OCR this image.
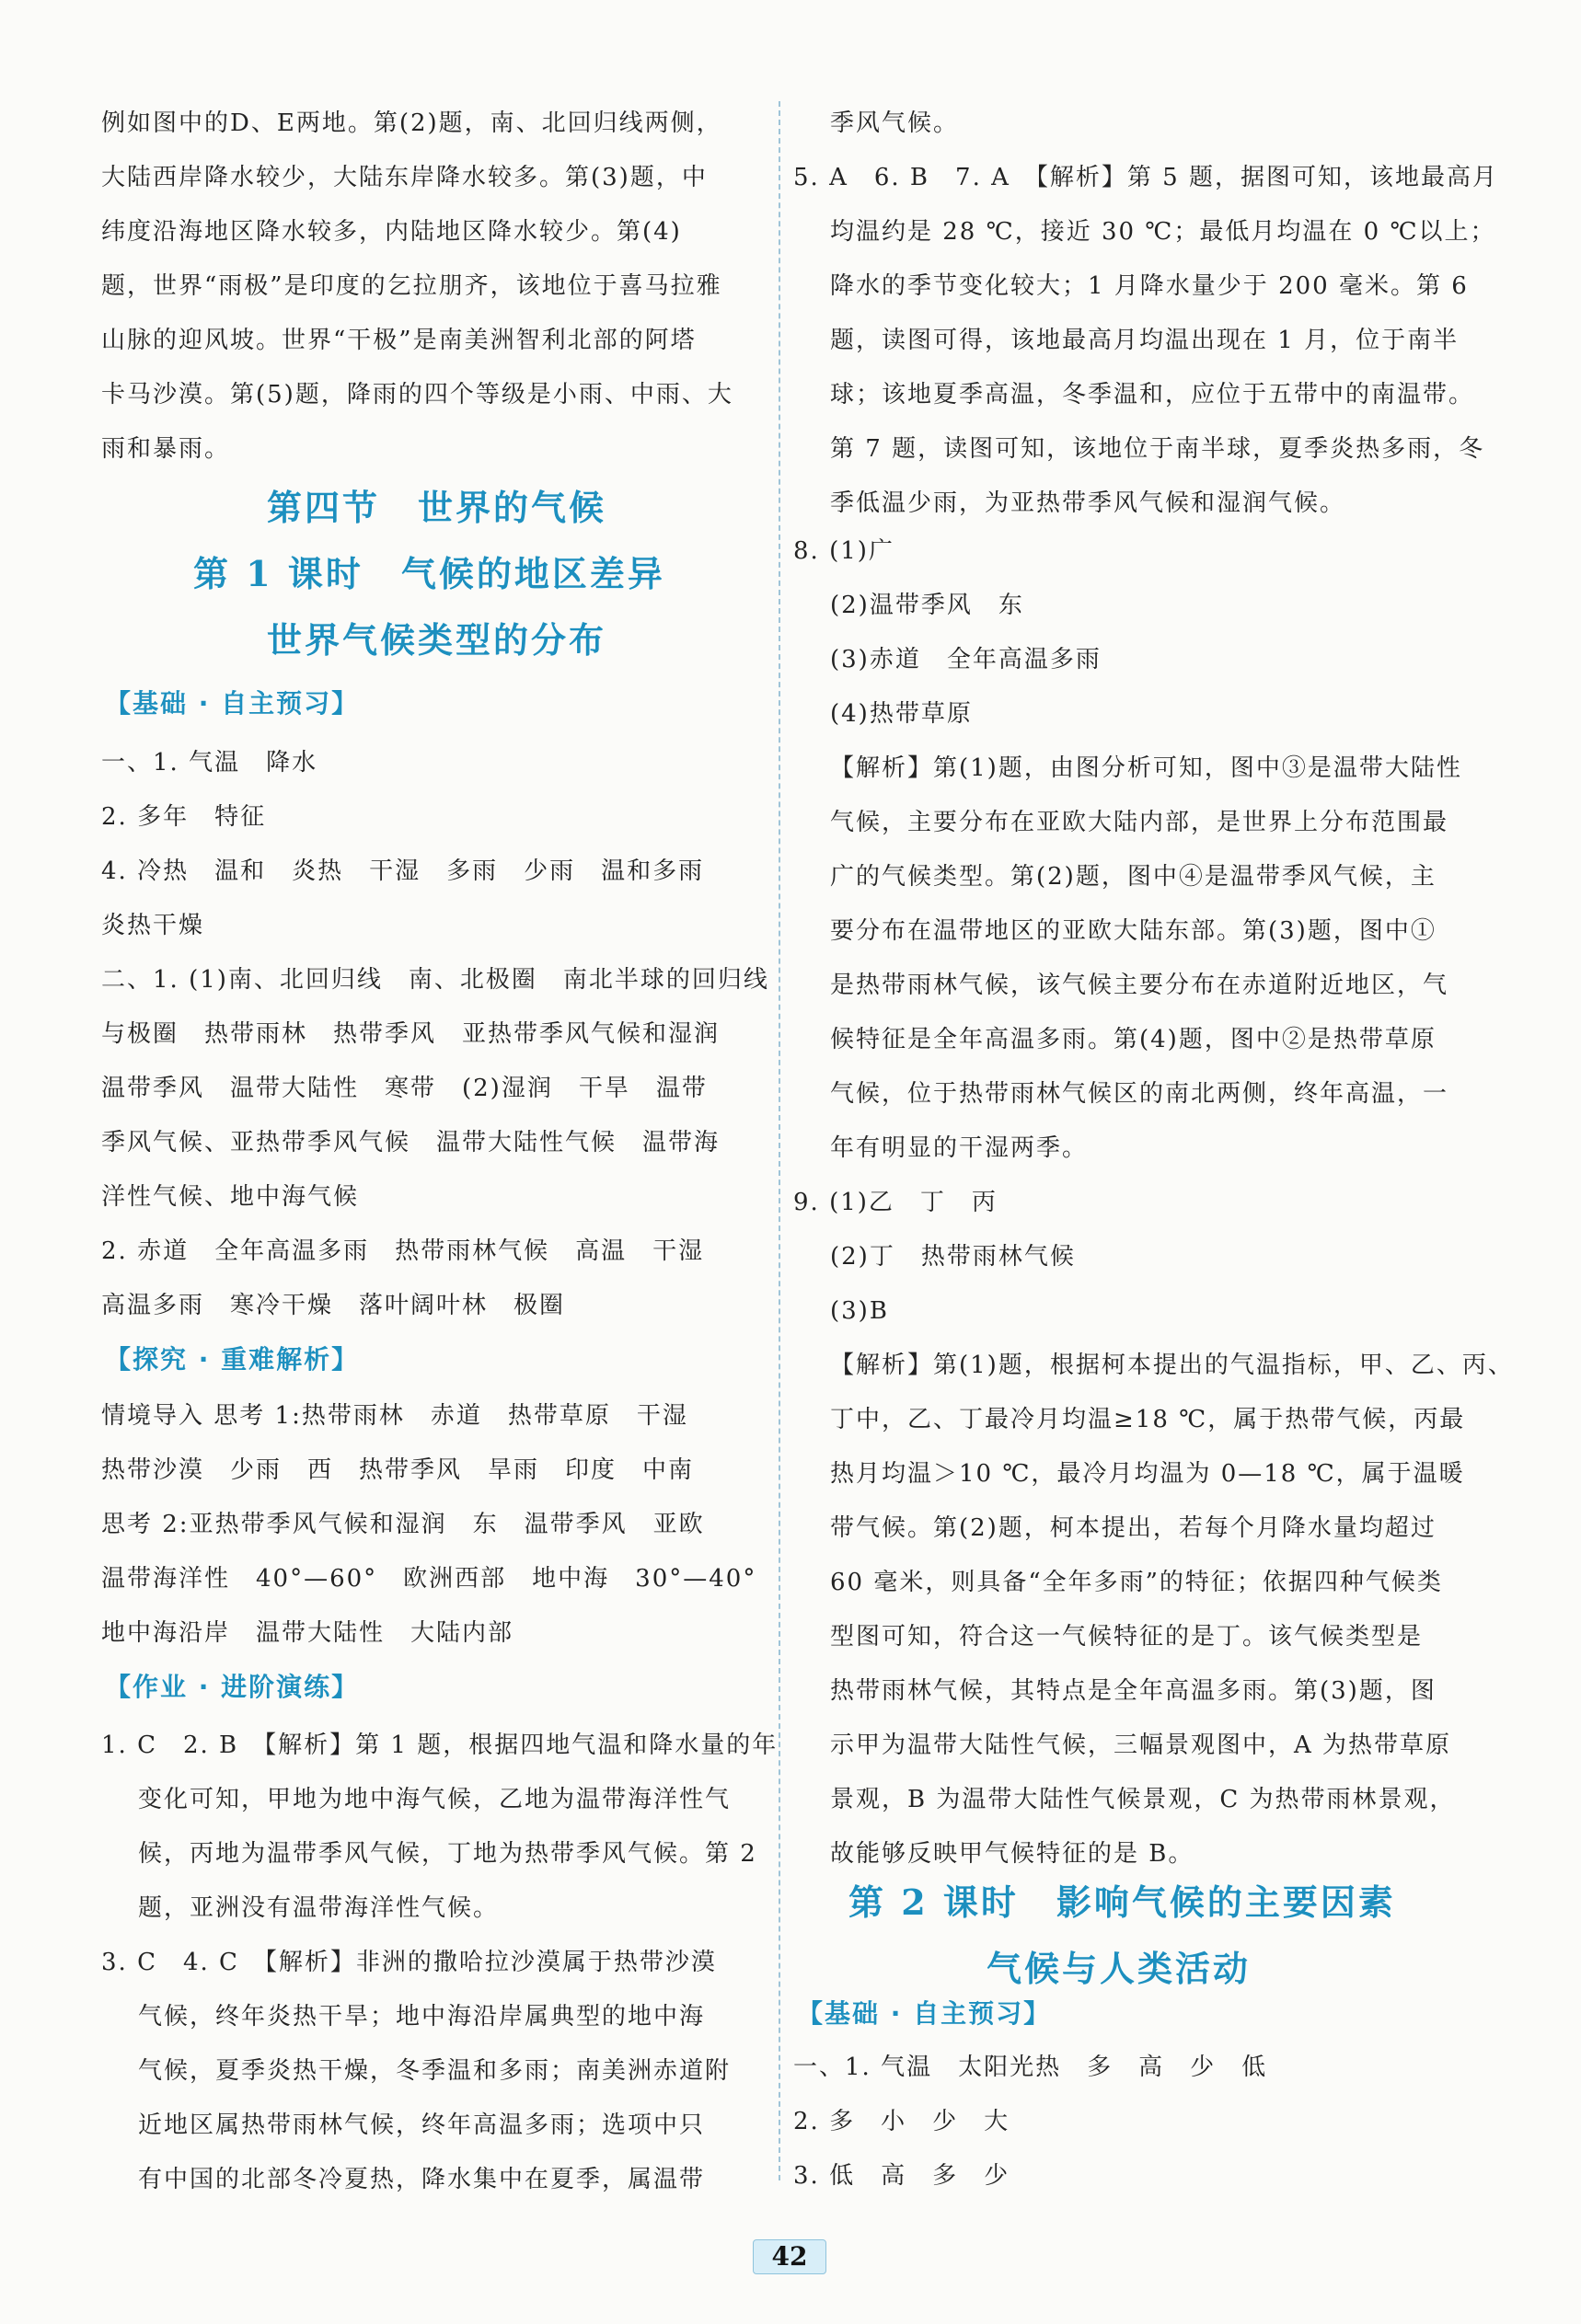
例如图中的D、E两地。第(2)题，南、北回归线两侧，
大陆西岸降水较少，大陆东岸降水较多。第(3)题，中
纬度沿海地区降水较多，内陆地区降水较少。第(4)
题，世界“雨极”是印度的乞拉朋齐，该地位于喜马拉雅
山脉的迎风坡。世界“干极”是南美洲智利北部的阿塔
卡马沙漠。第(5)题，降雨的四个等级是小雨、中雨、大
雨和暴雨。
第四节　世界的气候
第 1 课时　气候的地区差异
世界气候类型的分布
【基础 · 自主预习】
一、1. 气温　降水
2. 多年　特征
4. 冷热　温和　炎热　干湿　多雨　少雨　温和多雨
炎热干燥
二、1. (1)南、北回归线　南、北极圈　南北半球的回归线
与极圈　热带雨林　热带季风　亚热带季风气候和湿润
温带季风　温带大陆性　寒带　(2)湿润　干旱　温带
季风气候、亚热带季风气候　温带大陆性气候　温带海
洋性气候、地中海气候
2. 赤道　全年高温多雨　热带雨林气候　高温　干湿
高温多雨　寒冷干燥　落叶阔叶林　极圈
【探究 · 重难解析】
情境导入 思考 1:热带雨林　赤道　热带草原　干湿
热带沙漠　少雨　西　热带季风　旱雨　印度　中南
思考 2:亚热带季风气候和湿润　东　温带季风　亚欧
温带海洋性　40°—60°　欧洲西部　地中海　30°—40°
地中海沿岸　温带大陆性　大陆内部
【作业 · 进阶演练】
1. C　2. B　【解析】第 1 题，根据四地气温和降水量的年
变化可知，甲地为地中海气候，乙地为温带海洋性气
候，丙地为温带季风气候，丁地为热带季风气候。第 2
题，亚洲没有温带海洋性气候。
3. C　4. C　【解析】非洲的撒哈拉沙漠属于热带沙漠
气候，终年炎热干旱；地中海沿岸属典型的地中海
气候，夏季炎热干燥，冬季温和多雨；南美洲赤道附
近地区属热带雨林气候，终年高温多雨；选项中只
有中国的北部冬冷夏热，降水集中在夏季，属温带
季风气候。
5. A　6. B　7. A　【解析】第 5 题，据图可知，该地最高月
均温约是 28 ℃，接近 30 ℃；最低月均温在 0 ℃以上；
降水的季节变化较大；1 月降水量少于 200 毫米。第 6
题，读图可得，该地最高月均温出现在 1 月，位于南半
球；该地夏季高温，冬季温和，应位于五带中的南温带。
第 7 题，读图可知，该地位于南半球，夏季炎热多雨，冬
季低温少雨，为亚热带季风气候和湿润气候。
8. (1)广
(2)温带季风　东
(3)赤道　全年高温多雨
(4)热带草原
【解析】第(1)题，由图分析可知，图中③是温带大陆性
气候，主要分布在亚欧大陆内部，是世界上分布范围最
广的气候类型。第(2)题，图中④是温带季风气候，主
要分布在温带地区的亚欧大陆东部。第(3)题，图中①
是热带雨林气候，该气候主要分布在赤道附近地区，气
候特征是全年高温多雨。第(4)题，图中②是热带草原
气候，位于热带雨林气候区的南北两侧，终年高温，一
年有明显的干湿两季。
9. (1)乙　丁　丙
(2)丁　热带雨林气候
(3)B
【解析】第(1)题，根据柯本提出的气温指标，甲、乙、丙、
丁中，乙、丁最冷月均温≥18 ℃，属于热带气候，丙最
热月均温＞10 ℃，最冷月均温为 0—18 ℃，属于温暖
带气候。第(2)题，柯本提出，若每个月降水量均超过
60 毫米，则具备“全年多雨”的特征；依据四种气候类
型图可知，符合这一气候特征的是丁。该气候类型是
热带雨林气候，其特点是全年高温多雨。第(3)题，图
示甲为温带大陆性气候，三幅景观图中，A 为热带草原
景观，B 为温带大陆性气候景观，C 为热带雨林景观，
故能够反映甲气候特征的是 B。
第 2 课时　影响气候的主要因素
气候与人类活动
【基础 · 自主预习】
一、1. 气温　太阳光热　多　高　少　低
2. 多　小　少　大
3. 低　高　多　少
42
